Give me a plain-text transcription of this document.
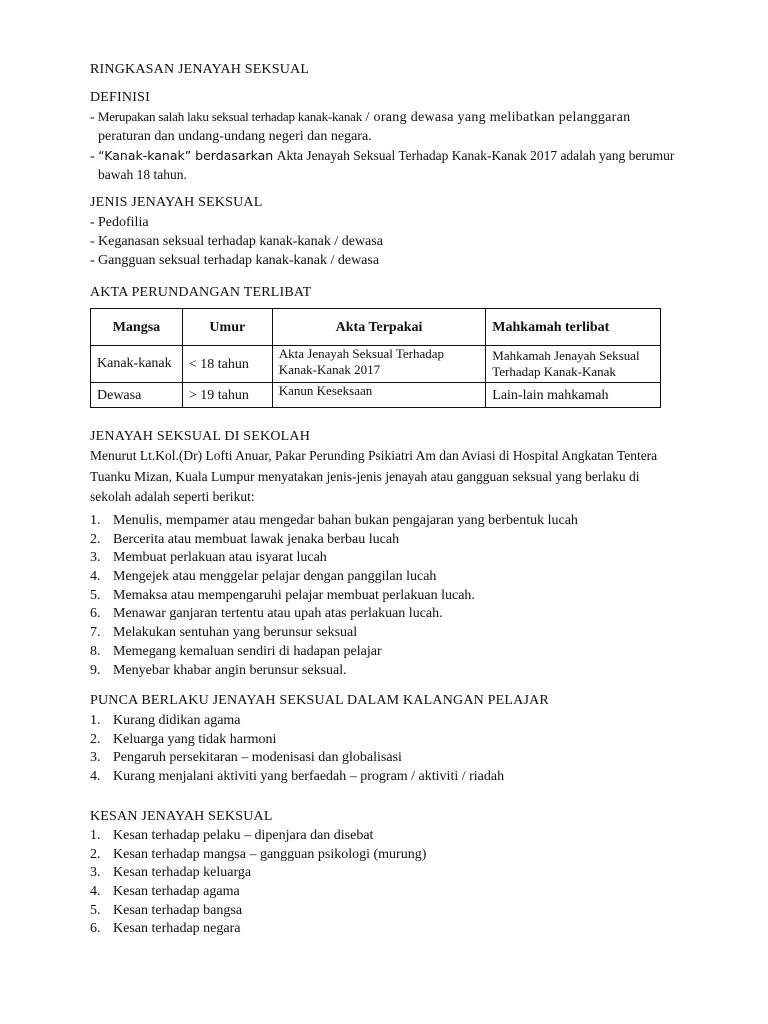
RINGKASAN JENAYAH SEKSUAL
DEFINISI
- Merupakan salah laku seksual terhadap kanak-kanak / orang dewasa yang melibatkan pelanggaran
peraturan dan undang-undang negeri dan negara.
- “Kanak-kanak” berdasarkan Akta Jenayah Seksual Terhadap Kanak-Kanak 2017 adalah yang berumur
bawah 18 tahun.
JENIS JENAYAH SEKSUAL
- Pedofilia
- Keganasan seksual terhadap kanak-kanak / dewasa
- Gangguan seksual terhadap kanak-kanak / dewasa
AKTA PERUNDANGAN TERLIBAT
Mangsa	Umur	Akta Terpakai	Mahkamah terlibat
Kanak-kanak	< 18 tahun	Akta Jenayah Seksual Terhadap Kanak-Kanak 2017	Mahkamah Jenayah Seksual Terhadap Kanak-Kanak
Dewasa	> 19 tahun	Kanun Keseksaan	Lain-lain mahkamah
JENAYAH SEKSUAL DI SEKOLAH
Menurut Lt.Kol.(Dr) Lofti Anuar, Pakar Perunding Psikiatri Am dan Aviasi di Hospital Angkatan Tentera Tuanku Mizan, Kuala Lumpur menyatakan jenis-jenis jenayah atau gangguan seksual yang berlaku di sekolah adalah seperti berikut:
1. Menulis, mempamer atau mengedar bahan bukan pengajaran yang berbentuk lucah
2. Bercerita atau membuat lawak jenaka berbau lucah
3. Membuat perlakuan atau isyarat lucah
4. Mengejek atau menggelar pelajar dengan panggilan lucah
5. Memaksa atau mempengaruhi pelajar membuat perlakuan lucah.
6. Menawar ganjaran tertentu atau upah atas perlakuan lucah.
7. Melakukan sentuhan yang berunsur seksual
8. Memegang kemaluan sendiri di hadapan pelajar
9. Menyebar khabar angin berunsur seksual.
PUNCA BERLAKU JENAYAH SEKSUAL DALAM KALANGAN PELAJAR
1. Kurang didikan agama
2. Keluarga yang tidak harmoni
3. Pengaruh persekitaran – modenisasi dan globalisasi
4. Kurang menjalani aktiviti yang berfaedah – program / aktiviti / riadah
KESAN JENAYAH SEKSUAL
1. Kesan terhadap pelaku – dipenjara dan disebat
2. Kesan terhadap mangsa – gangguan psikologi (murung)
3. Kesan terhadap keluarga
4. Kesan terhadap agama
5. Kesan terhadap bangsa
6. Kesan terhadap negara
